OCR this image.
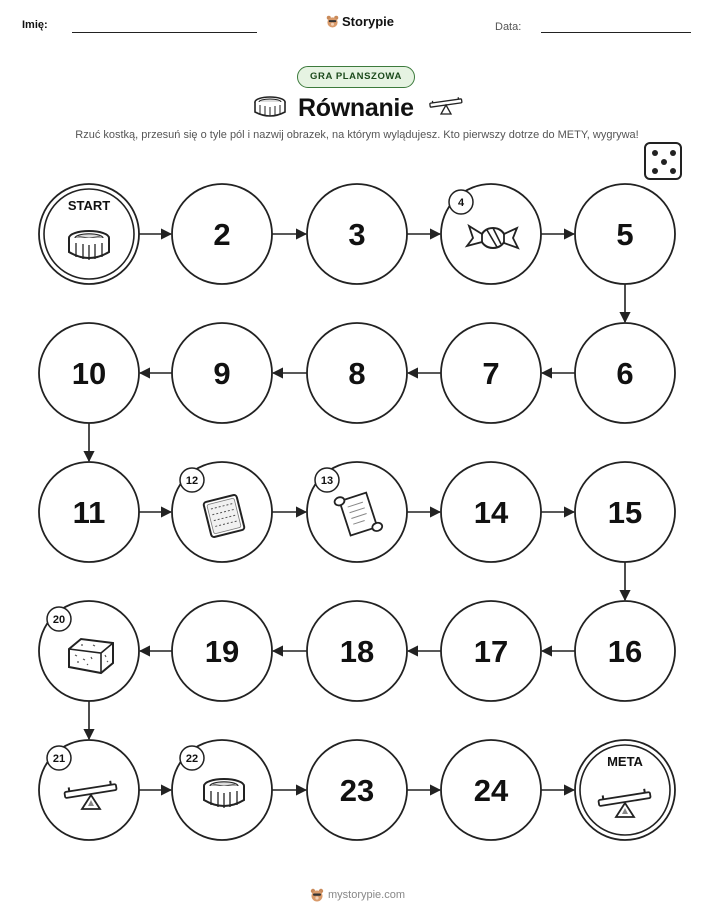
Imię:	Storypie	Data:
GRA PLANSZOWA
Równanie
Rzuć kostką, przesuń się o tyle pól i nazwij obrazek, na którym wylądujesz. Kto pierwszy dotrze do METY, wygrywa!
START
2	3
4
5
6
7
8
9
10
11
12	13
14	15
16
17
18
19
20
21	22
23	24
META
mystorypie.com
